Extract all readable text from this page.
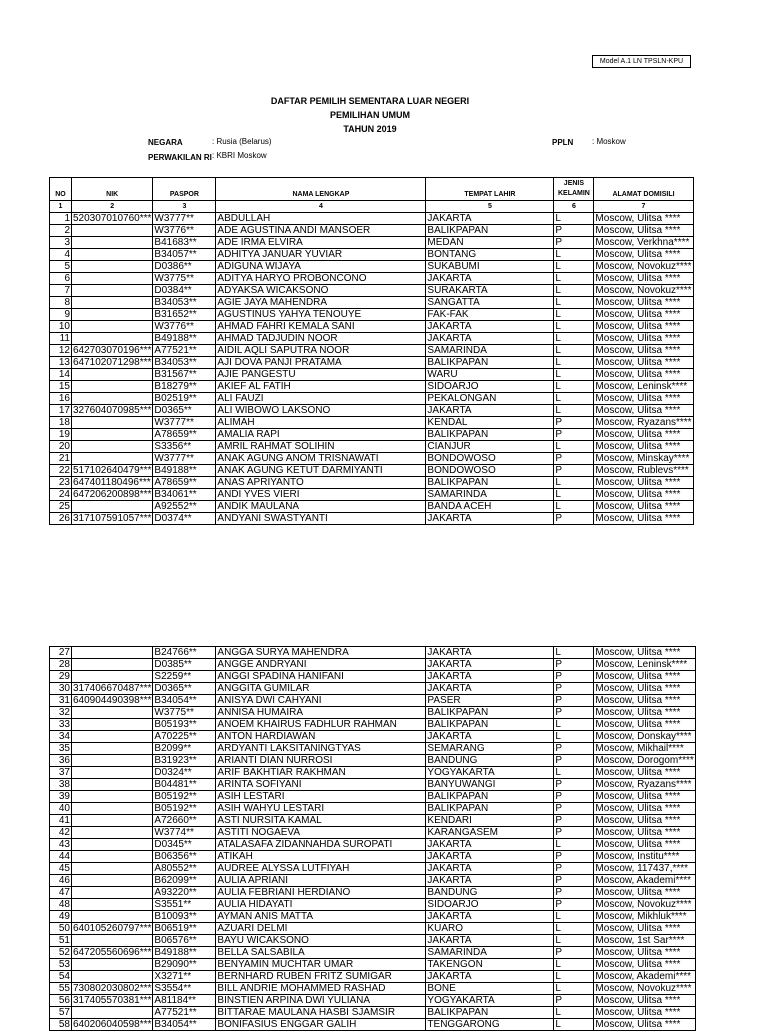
Model A.1 LN TPSLN-KPU
DAFTAR PEMILIH SEMENTARA LUAR NEGERI
PEMILIHAN UMUM
TAHUN 2019
NEGARA	: Rusia (Belarus)
PERWAKILAN RI : KBRI Moskow
PPLN : Moskow
NO	NIK	PASPOR	NAMA LENGKAP	TEMPAT LAHIR	JENIS KELAMIN	ALAMAT DOMISILI
1	2	3	4	5	6	7
1	520307010760***	W3777**	ABDULLAH	JAKARTA	L	Moscow, Ulitsa ****
2		W3776**	ADE AGUSTINA ANDI MANSOER	BALIKPAPAN	P	Moscow, Ulitsa ****
3		B41683**	ADE IRMA ELVIRA	MEDAN	P	Moscow, Verkhna****
4		B34057**	ADHITYA JANUAR YUVIAR	BONTANG	L	Moscow, Ulitsa ****
5		D0386**	ADIGUNA WIJAYA	SUKABUMI	L	Moscow, Novokuz****
6		W3775**	ADITYA HARYO PROBONCONO	JAKARTA	L	Moscow, Ulitsa ****
7		D0384**	ADYAKSA WICAKSONO	SURAKARTA	L	Moscow, Novokuz****
8		B34053**	AGIE JAYA MAHENDRA	SANGATTA	L	Moscow, Ulitsa ****
9		B31652**	AGUSTINUS YAHYA TENOUYE	FAK-FAK	L	Moscow, Ulitsa ****
10		W3776**	AHMAD FAHRI KEMALA SANI	JAKARTA	L	Moscow, Ulitsa ****
11		B49188**	AHMAD TADJUDIN NOOR	JAKARTA	L	Moscow, Ulitsa ****
12	642703070196***	A77521**	AIDIL AQLI SAPUTRA NOOR	SAMARINDA	L	Moscow, Ulitsa ****
13	647102071298***	B34053**	AJI DOVA PANJI PRATAMA	BALIKPAPAN	L	Moscow, Ulitsa ****
14		B31567**	AJIE PANGESTU	WARU	L	Moscow, Ulitsa ****
15		B18279**	AKIEF AL FATIH	SIDOARJO	L	Moscow, Leninsk****
16		B02519**	ALI FAUZI	PEKALONGAN	L	Moscow, Ulitsa ****
17	327604070985***	D0365**	ALI WIBOWO LAKSONO	JAKARTA	L	Moscow, Ulitsa ****
18		W3777**	ALIMAH	KENDAL	P	Moscow, Ryazans****
19		A78659**	AMALIA RAPI	BALIKPAPAN	P	Moscow, Ulitsa ****
20		S3356**	AMRIL RAHMAT SOLIHIN	CIANJUR	L	Moscow, Ulitsa ****
21		W3777**	ANAK AGUNG ANOM TRISNAWATI	BONDOWOSO	P	Moscow, Minskay****
22	517102640479***	B49188**	ANAK AGUNG KETUT DARMIYANTI	BONDOWOSO	P	Moscow, Rublevs****
23	647401180496***	A78659**	ANAS APRIYANTO	BALIKPAPAN	L	Moscow, Ulitsa ****
24	647206200898***	B34061**	ANDI YVES VIERI	SAMARINDA	L	Moscow, Ulitsa ****
25		A92552**	ANDIK MAULANA	BANDA ACEH	L	Moscow, Ulitsa ****
26	317107591057***	D0374**	ANDYANI SWASTYANTI	JAKARTA	P	Moscow, Ulitsa ****
27		B24766**	ANGGA SURYA MAHENDRA	JAKARTA	L	Moscow, Ulitsa ****
28		D0385**	ANGGE ANDRYANI	JAKARTA	P	Moscow, Leninsk****
29		S2259**	ANGGI SPADINA HANIFANI	JAKARTA	P	Moscow, Ulitsa ****
30	317406670487***	D0365**	ANGGITA GUMILAR	JAKARTA	P	Moscow, Ulitsa ****
31	640904490398***	B34054**	ANISYA DWI CAHYANI	PASER	P	Moscow, Ulitsa ****
32		W3775**	ANNISA HUMAIRA	BALIKPAPAN	P	Moscow, Ulitsa ****
33		B05193**	ANOEM KHAIRUS FADHLUR RAHMAN	BALIKPAPAN	L	Moscow, Ulitsa ****
34		A70225**	ANTON HARDIAWAN	JAKARTA	L	Moscow, Donskay****
35		B2099**	ARDYANTI LAKSITANINGTYAS	SEMARANG	P	Moscow, Mikhail****
36		B31923**	ARIANTI DIAN NURROSI	BANDUNG	P	Moscow, Dorogom****
37		D0324**	ARIF BAKHTIAR RAKHMAN	YOGYAKARTA	L	Moscow, Ulitsa ****
38		B04481**	ARINTA SOFIYANI	BANYUWANGI	P	Moscow, Ryazans****
39		B05192**	ASIH LESTARI	BALIKPAPAN	P	Moscow, Ulitsa ****
40		B05192**	ASIH WAHYU LESTARI	BALIKPAPAN	P	Moscow, Ulitsa ****
41		A72660**	ASTI NURSITA KAMAL	KENDARI	P	Moscow, Ulitsa ****
42		W3774**	ASTITI NOGAEVA	KARANGASEM	P	Moscow, Ulitsa ****
43		D0345**	ATALASAFA ZIDANNAHDA SUROPATI	JAKARTA	L	Moscow, Ulitsa ****
44		B06356**	ATIKAH	JAKARTA	P	Moscow, Institu****
45		A80552**	AUDREE ALYSSA LUTFIYAH	JAKARTA	P	Moscow, 117437,****
46		B62099**	AULIA APRIANI	JAKARTA	P	Moscow, Akademi****
47		A93220**	AULIA FEBRIANI HERDIANO	BANDUNG	P	Moscow, Ulitsa ****
48		S3551**	AULIA HIDAYATI	SIDOARJO	P	Moscow, Novokuz****
49		B10093**	AYMAN ANIS MATTA	JAKARTA	L	Moscow, Mikhluk****
50	640105260797***	B06519**	AZUARI DELMI	KUARO	L	Moscow, Ulitsa ****
51		B06576**	BAYU WICAKSONO	JAKARTA	L	Moscow, 1st Sar****
52	647205560696***	B49188**	BELLA SALSABILA	SAMARINDA	P	Moscow, Ulitsa ****
53		B29090**	BENYAMIN MUCHTAR UMAR	TAKENGON	L	Moscow, Ulitsa ****
54		X3271**	BERNHARD RUBEN FRITZ SUMIGAR	JAKARTA	L	Moscow, Akademi****
55	730802030802***	S3554**	BILL ANDRIE MOHAMMED RASHAD	BONE	L	Moscow, Novokuz****
56	317405570381***	A81184**	BINSTIEN ARPINA DWI YULIANA	YOGYAKARTA	P	Moscow, Ulitsa ****
57		A77521**	BITTARAE MAULANA HASBI SJAMSIR	BALIKPAPAN	L	Moscow, Ulitsa ****
58	640206040598***	B34054**	BONIFASIUS ENGGAR GALIH	TENGGARONG	L	Moscow, Ulitsa ****
